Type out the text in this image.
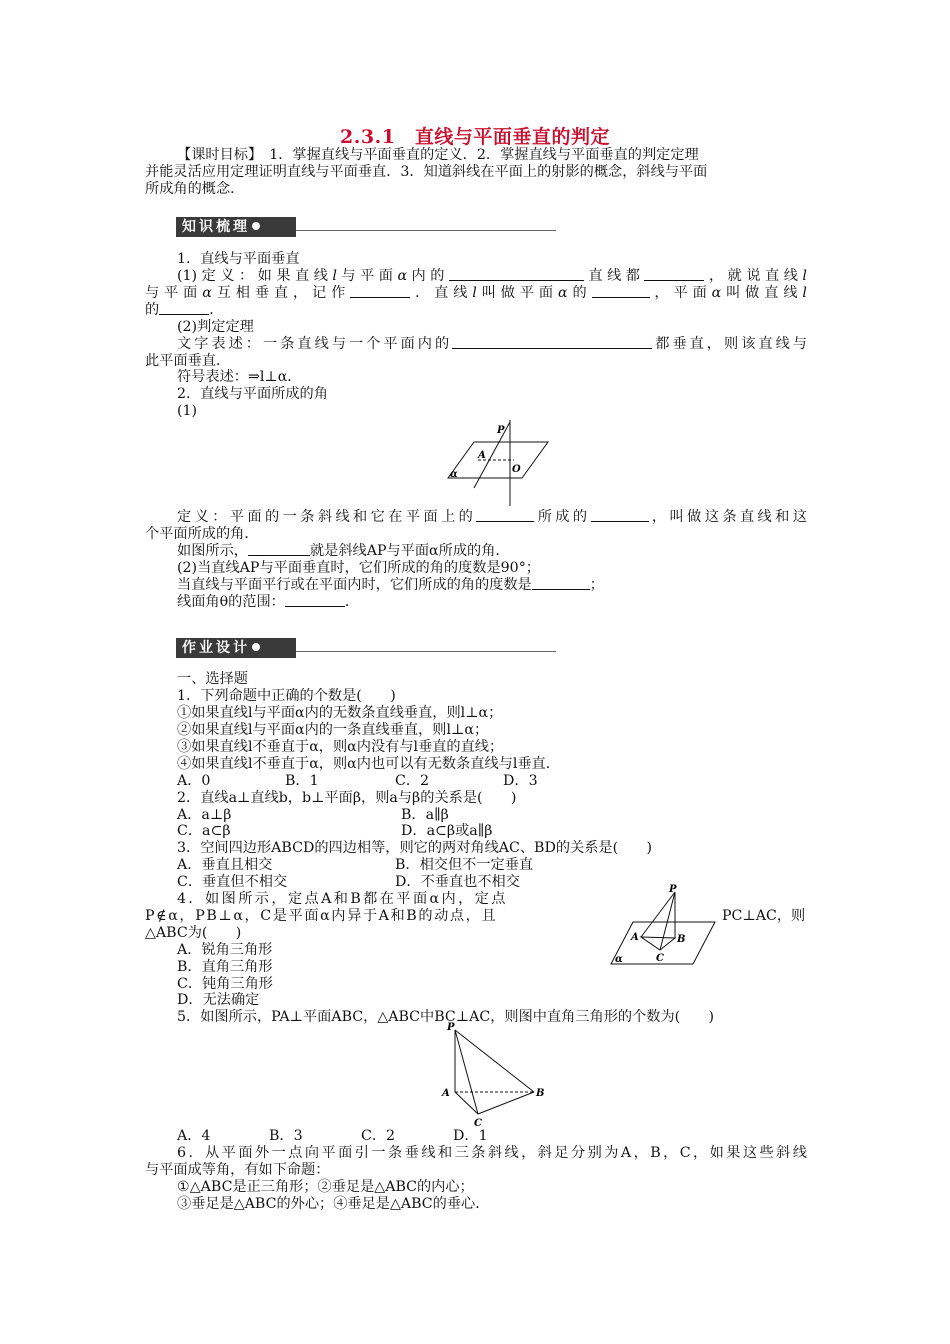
2.3.1　直线与平面垂直的判定
【课时目标】　1．掌握直线与平面垂直的定义．2．掌握直线与平面垂直的判定定理
并能灵活应用定理证明直线与平面垂直．3．知道斜线在平面上的射影的概念，斜线与平面
所成角的概念．
知识梳理
1．直线与平面垂直
(1)定义：如果直线l与平面α内的	直线都	，就说直线l
与平面α互相垂直，记作	．直线l叫做平面α的	，平面α叫做直线l
的	．
(2)判定定理
文字表述：一条直线与一个平面内的	都垂直，则该直线与
此平面垂直．
符号表述：⇒l⊥α．
2．直线与平面所成的角
(1)
P
A
O
α
定义：平面的一条斜线和它在平面上的	所成的	，叫做这条直线和这
个平面所成的角．
如图所示，	就是斜线AP与平面α所成的角．
(2)当直线AP与平面垂直时，它们所成的角的度数是90°；
当直线与平面平行或在平面内时，它们所成的角的度数是	；
线面角θ的范围：	．
作业设计
一、选择题
1．下列命题中正确的个数是(　　)
①如果直线l与平面α内的无数条直线垂直，则l⊥α；
②如果直线l与平面α内的一条直线垂直，则l⊥α；
③如果直线l不垂直于α，则α内没有与l垂直的直线；
④如果直线l不垂直于α，则α内也可以有无数条直线与l垂直．
A．0	B．1	C．2	D．3
2．直线a⊥直线b，b⊥平面β，则a与β的关系是(　　)
A．a⊥β	B．a∥β
C．a⊂β	D．a⊂β或a∥β
3．空间四边形ABCD的四边相等，则它的两对角线AC、BD的关系是(　　)
A．垂直且相交	B．相交但不一定垂直
C．垂直但不相交	D．不垂直也不相交
4．如图所示，定点A和B都在平面α内，定点
P∉α，PB⊥α，C是平面α内异于A和B的动点，且	PC⊥AC，则
△ABC为(　　)
A．锐角三角形
B．直角三角形
C．钝角三角形
D．无法确定
P
A	B
C
α
5．如图所示，PA⊥平面ABC，△ABC中BC⊥AC，则图中直角三角形的个数为(　　)
P
A	B
C
A．4	B．3	C．2	D．1
6．从平面外一点向平面引一条垂线和三条斜线，斜足分别为A，B，C，如果这些斜线
与平面成等角，有如下命题：
①△ABC是正三角形；②垂足是△ABC的内心；
③垂足是△ABC的外心；④垂足是△ABC的垂心．
